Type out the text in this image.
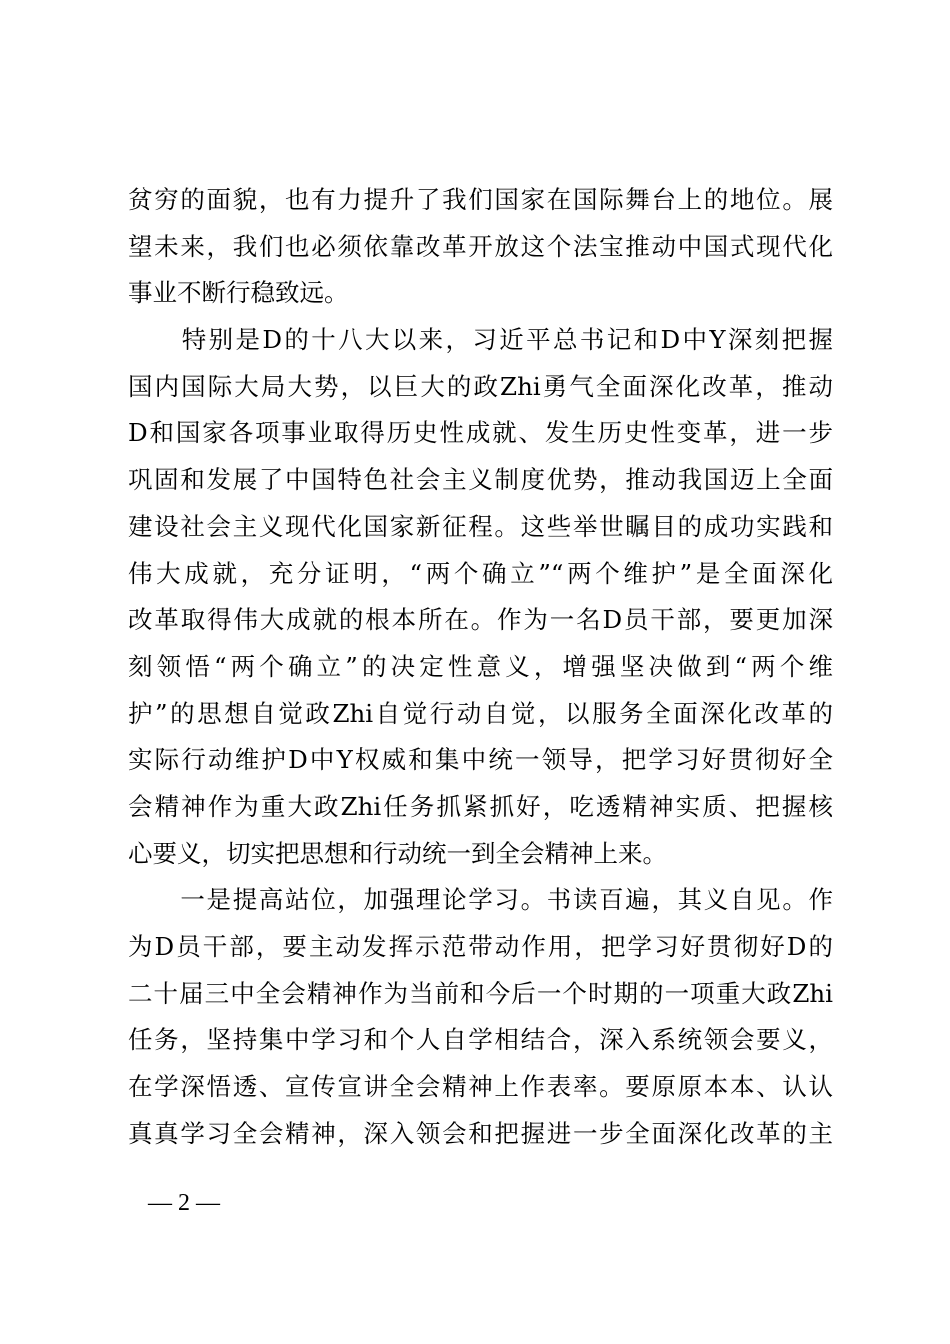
贫穷的面貌，也有力提升了我们国家在国际舞台上的地位。展
望未来，我们也必须依靠改革开放这个法宝推动中国式现代化
事业不断行稳致远。
　　特别是D的十八大以来，习近平总书记和D中Y深刻把握
国内国际大局大势，以巨大的政Zhi勇气全面深化改革，推动
D和国家各项事业取得历史性成就、发生历史性变革，进一步
巩固和发展了中国特色社会主义制度优势，推动我国迈上全面
建设社会主义现代化国家新征程。这些举世瞩目的成功实践和
伟大成就，充分证明，“两个确立”“两个维护”是全面深化
改革取得伟大成就的根本所在。作为一名D员干部，要更加深
刻领悟“两个确立”的决定性意义，增强坚决做到“两个维
护”的思想自觉政Zhi自觉行动自觉，以服务全面深化改革的
实际行动维护D中Y权威和集中统一领导，把学习好贯彻好全
会精神作为重大政Zhi任务抓紧抓好，吃透精神实质、把握核
心要义，切实把思想和行动统一到全会精神上来。
　　一是提高站位，加强理论学习。书读百遍，其义自见。作
为D员干部，要主动发挥示范带动作用，把学习好贯彻好D的
二十届三中全会精神作为当前和今后一个时期的一项重大政Zhi
任务，坚持集中学习和个人自学相结合，深入系统领会要义，
在学深悟透、宣传宣讲全会精神上作表率。要原原本本、认认
真真学习全会精神，深入领会和把握进一步全面深化改革的主
— 2 —
